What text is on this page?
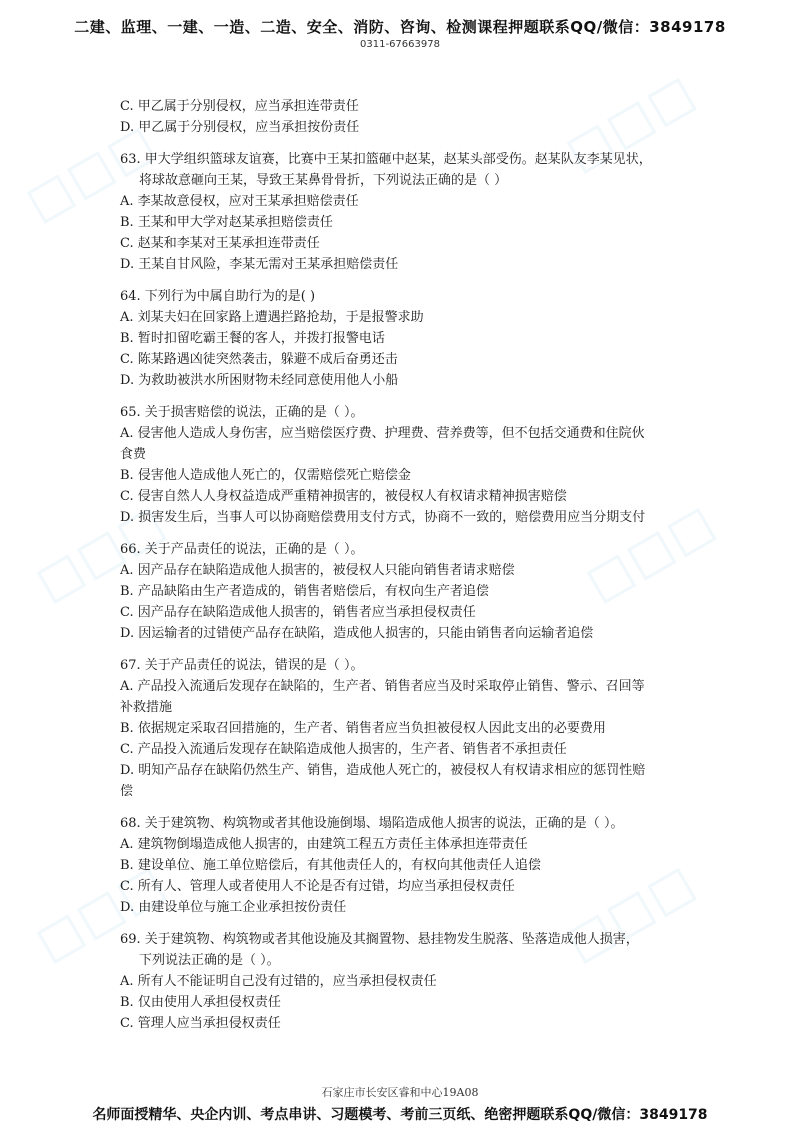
◻◻◻	◻◻◻
◻◻◻	◻◻◻
◻◻◻	◻◻◻
二建、监理、一建、一造、二造、安全、消防、咨询、检测课程押题联系QQ/微信：3849178
0311-67663978
C. 甲乙属于分别侵权，应当承担连带责任
D. 甲乙属于分别侵权，应当承担按份责任
63. 甲大学组织篮球友谊赛，比赛中王某扣篮砸中赵某，赵某头部受伤。赵某队友李某见状，
将球故意砸向王某，导致王某鼻骨骨折，下列说法正确的是（ ）
A. 李某故意侵权，应对王某承担赔偿责任
B. 王某和甲大学对赵某承担赔偿责任
C. 赵某和李某对王某承担连带责任
D. 王某自甘风险，李某无需对王某承担赔偿责任
64. 下列行为中属自助行为的是( )
A. 刘某夫妇在回家路上遭遇拦路抢劫，于是报警求助
B. 暂时扣留吃霸王餐的客人，并拨打报警电话
C. 陈某路遇凶徒突然袭击，躲避不成后奋勇还击
D. 为救助被洪水所困财物未经同意使用他人小船
65. 关于损害赔偿的说法，正确的是（ ）。
A. 侵害他人造成人身伤害，应当赔偿医疗费、护理费、营养费等，但不包括交通费和住院伙
食费
B. 侵害他人造成他人死亡的，仅需赔偿死亡赔偿金
C. 侵害自然人人身权益造成严重精神损害的，被侵权人有权请求精神损害赔偿
D. 损害发生后，当事人可以协商赔偿费用支付方式，协商不一致的，赔偿费用应当分期支付
66. 关于产品责任的说法，正确的是（ ）。
A. 因产品存在缺陷造成他人损害的，被侵权人只能向销售者请求赔偿
B. 产品缺陷由生产者造成的，销售者赔偿后，有权向生产者追偿
C. 因产品存在缺陷造成他人损害的，销售者应当承担侵权责任
D. 因运输者的过错使产品存在缺陷，造成他人损害的，只能由销售者向运输者追偿
67. 关于产品责任的说法，错误的是（ ）。
A. 产品投入流通后发现存在缺陷的，生产者、销售者应当及时采取停止销售、警示、召回等
补救措施
B. 依据规定采取召回措施的，生产者、销售者应当负担被侵权人因此支出的必要费用
C. 产品投入流通后发现存在缺陷造成他人损害的，生产者、销售者不承担责任
D. 明知产品存在缺陷仍然生产、销售，造成他人死亡的，被侵权人有权请求相应的惩罚性赔
偿
68. 关于建筑物、构筑物或者其他设施倒塌、塌陷造成他人损害的说法，正确的是（ ）。
A. 建筑物倒塌造成他人损害的，由建筑工程五方责任主体承担连带责任
B. 建设单位、施工单位赔偿后，有其他责任人的，有权向其他责任人追偿
C. 所有人、管理人或者使用人不论是否有过错，均应当承担侵权责任
D. 由建设单位与施工企业承担按份责任
69. 关于建筑物、构筑物或者其他设施及其搁置物、悬挂物发生脱落、坠落造成他人损害，
下列说法正确的是（ ）。
A. 所有人不能证明自己没有过错的，应当承担侵权责任
B. 仅由使用人承担侵权责任
C. 管理人应当承担侵权责任
石家庄市长安区睿和中心19A08
名师面授精华、央企内训、考点串讲、习题模考、考前三页纸、绝密押题联系QQ/微信：3849178
